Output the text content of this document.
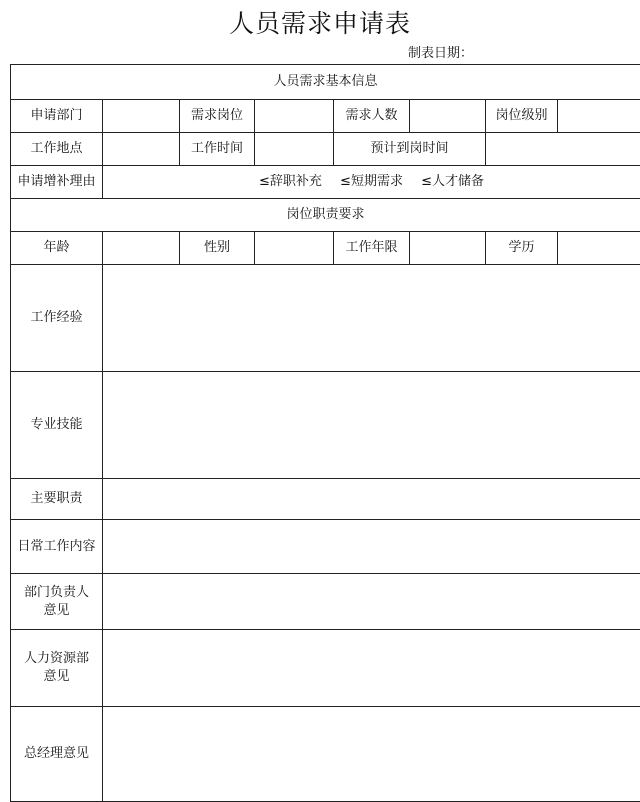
人员需求申请表
制表日期：
人员需求基本信息							
申请部门		需求岗位		需求人数		岗位级别	
工作地点		工作时间		预计到岗时间			
申请增补理由	≤辞职补充 ≤短期需求 ≤人才储备						
岗位职责要求							
年龄		性别		工作年限		学历	
工作经验							
专业技能							
主要职责							
日常工作内容							

部门负责人
意见							

人力资源部
意见							

总经理意见							
